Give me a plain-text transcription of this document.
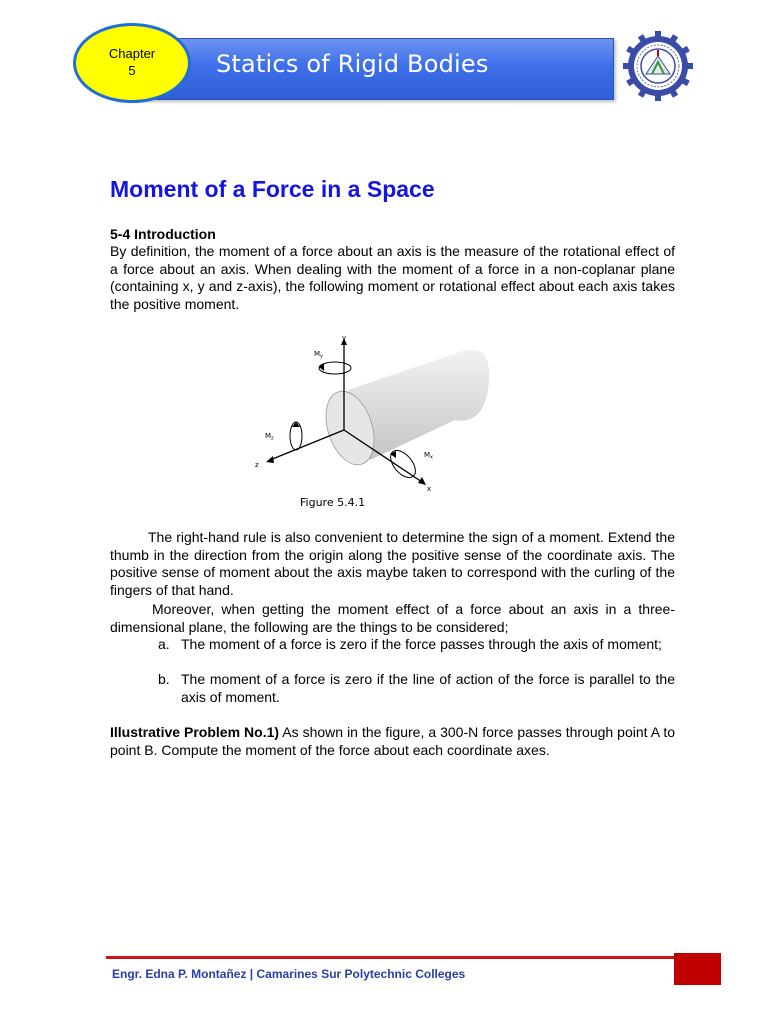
Statics of Rigid Bodies
Chapter
5
Moment of a Force in a Space
5-4 Introduction
By definition, the moment of a force about an axis is the measure of the rotational effect of a force about an axis. When dealing with the moment of a force in a non-coplanar plane (containing x, y and z-axis), the following moment or rotational effect about each axis takes the positive moment.
y
z
x
$M_y$
$M_z$
$M_x$
Figure 5.4.1
The right-hand rule is also convenient to determine the sign of a moment. Extend the thumb in the direction from the origin along the positive sense of the coordinate axis. The positive sense of moment about the axis maybe taken to correspond with the curling of the fingers of that hand.
Moreover, when getting the moment effect of a force about an axis in a three-dimensional plane, the following are the things to be considered;
a. The moment of a force is zero if the force passes through the axis of moment;
b. The moment of a force is zero if the line of action of the force is parallel to the axis of moment.
Illustrative Problem No.1) As shown in the figure, a 300-N force passes through point A to point B. Compute the moment of the force about each coordinate axes.
Engr. Edna P. Montañez | Camarines Sur Polytechnic Colleges
